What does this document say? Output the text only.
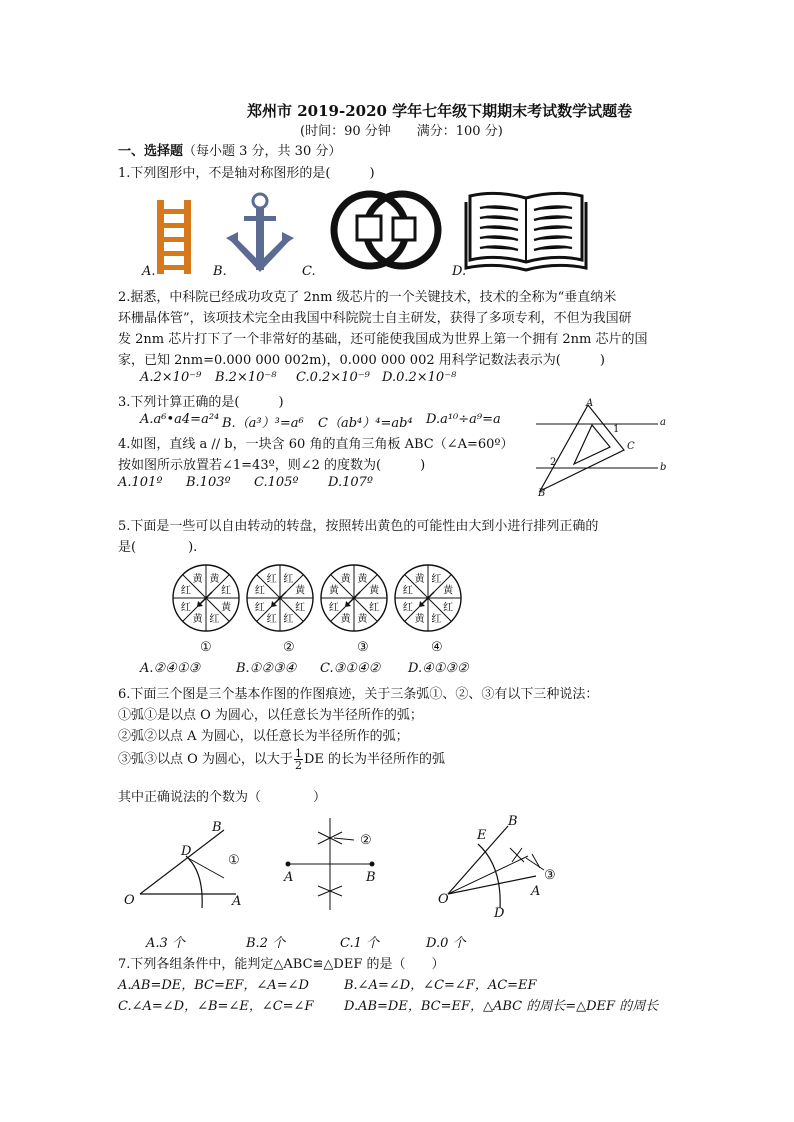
郑州市 2019-2020 学年七年级下期期末考试数学试题卷
(时间：90 分钟　　满分：100 分)
一、选择题（每小题 3 分，共 30 分）
1.下列图形中，不是轴对称图形的是(　　　)
A.	B.	C.	D.
2.据悉，中科院已经成功攻克了 2nm 级芯片的一个关键技术，技术的全称为“垂直纳米
环栅晶体管”，该项技术完全由我国中科院院士自主研发，获得了多项专利，不但为我国研
发 2nm 芯片打下了一个非常好的基础，还可能使我国成为世界上第一个拥有 2nm 芯片的国
家，已知 2nm=0.000 000 002m)，0.000 000 002 用科学记数法表示为(　　　)
A.2×10⁻⁹ B.2×10⁻⁸ C.0.2×10⁻⁹ D.0.2×10⁻⁸
3.下列计算正确的是(　　　)
A.a⁶•a4=a²⁴ B.（a³）³=a⁶ C（ab⁴）⁴=ab⁴ D.a¹⁰÷a⁹=a
4.如图，直线 a // b，一块含 60 角的直角三角板 ABC（∠A=60º）
按如图所示放置若∠1=43º，则∠2 的度数为(　　　)
A.101º B.103º C.105º D.107º
A
a
1
C
2	b
B
5.下面是一些可以自由转动的转盘，按照转出黄色的可能性由大到小进行排列正确的
是(　　　　).
黄
红
黄
红
黄
红
红
黄	红
黄
红
红
红
红
红
红	黄
黄
红
黄
黄
红
黄
黄	红
黄
红
红
黄
红
红
黄
①	②	③	④
A.②④①③	B.①②③④ C.③①④② D.④①③②
6.下面三个图是三个基本作图的作图痕迹，关于三条弧①、②、③有以下三种说法：
①弧①是以点 O 为圆心，以任意长为半径所作的弧；
②弧②以点 A 为圆心，以任意长为半径所作的弧；
③弧③以点 O 为圆心，以大于 $\frac{1}{2}$ DE 的长为半径所作的弧
其中正确说法的个数为（　　　　）
B
D
①
O	A
②
A	B
E
B
③
A
O
D
A.3 个	B.2 个	C.1 个	D.0 个
7.下列各组条件中，能判定△ABC≌△DEF 的是（　　）
A.AB=DE，BC=EF，∠A=∠D	B.∠A=∠D，∠C=∠F，AC=EF
C.∠A=∠D，∠B=∠E，∠C=∠F D.AB=DE，BC=EF，△ABC 的周长=△DEF 的周长
